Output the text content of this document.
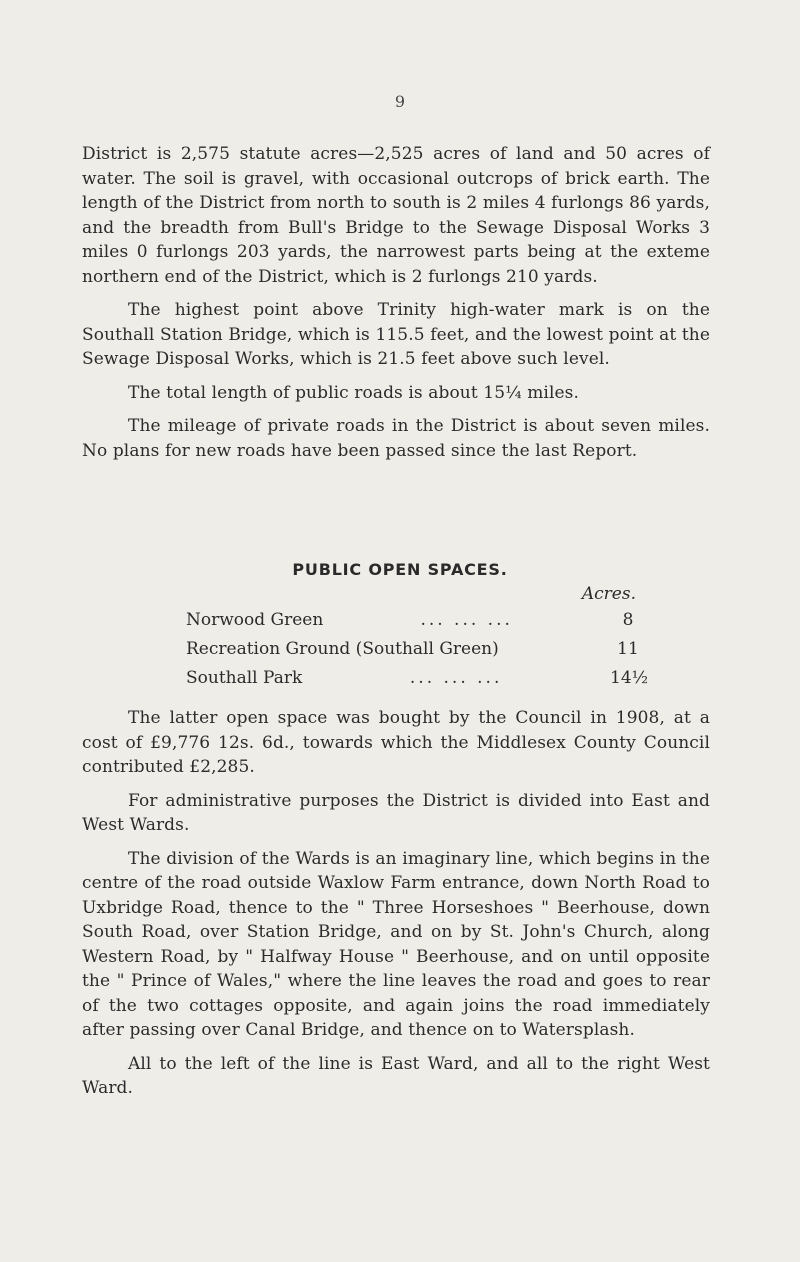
9

District is 2,575 statute acres—2,525 acres of land and 50 acres of water. The soil is gravel, with occasional outcrops of brick earth. The length of the District from north to south is 2 miles 4 furlongs 86 yards, and the breadth from Bull's Bridge to the Sewage Disposal Works 3 miles 0 furlongs 203 yards, the narrowest parts being at the exteme northern end of the District, which is 2 furlongs 210 yards.

The highest point above Trinity high-water mark is on the Southall Station Bridge, which is 115.5 feet, and the lowest point at the Sewage Disposal Works, which is 21.5 feet above such level.

The total length of public roads is about 15¼ miles.

The mileage of private roads in the District is about seven miles. No plans for new roads have been passed since the last Report.

PUBLIC OPEN SPACES.
Acres.
Norwood Green	... ... ...	8
Recreation Ground (Southall Green)	11
Southall Park	... ... ...	14½

The latter open space was bought by the Council in 1908, at a cost of £9,776 12s. 6d., towards which the Middlesex County Council contributed £2,285.

For administrative purposes the District is divided into East and West Wards.

The division of the Wards is an imaginary line, which begins in the centre of the road outside Waxlow Farm entrance, down North Road to Uxbridge Road, thence to the " Three Horseshoes " Beerhouse, down South Road, over Station Bridge, and on by St. John's Church, along Western Road, by " Halfway House " Beerhouse, and on until opposite the " Prince of Wales," where the line leaves the road and goes to rear of the two cottages opposite, and again joins the road immediately after passing over Canal Bridge, and thence on to Watersplash.

All to the left of the line is East Ward, and all to the right West Ward.
